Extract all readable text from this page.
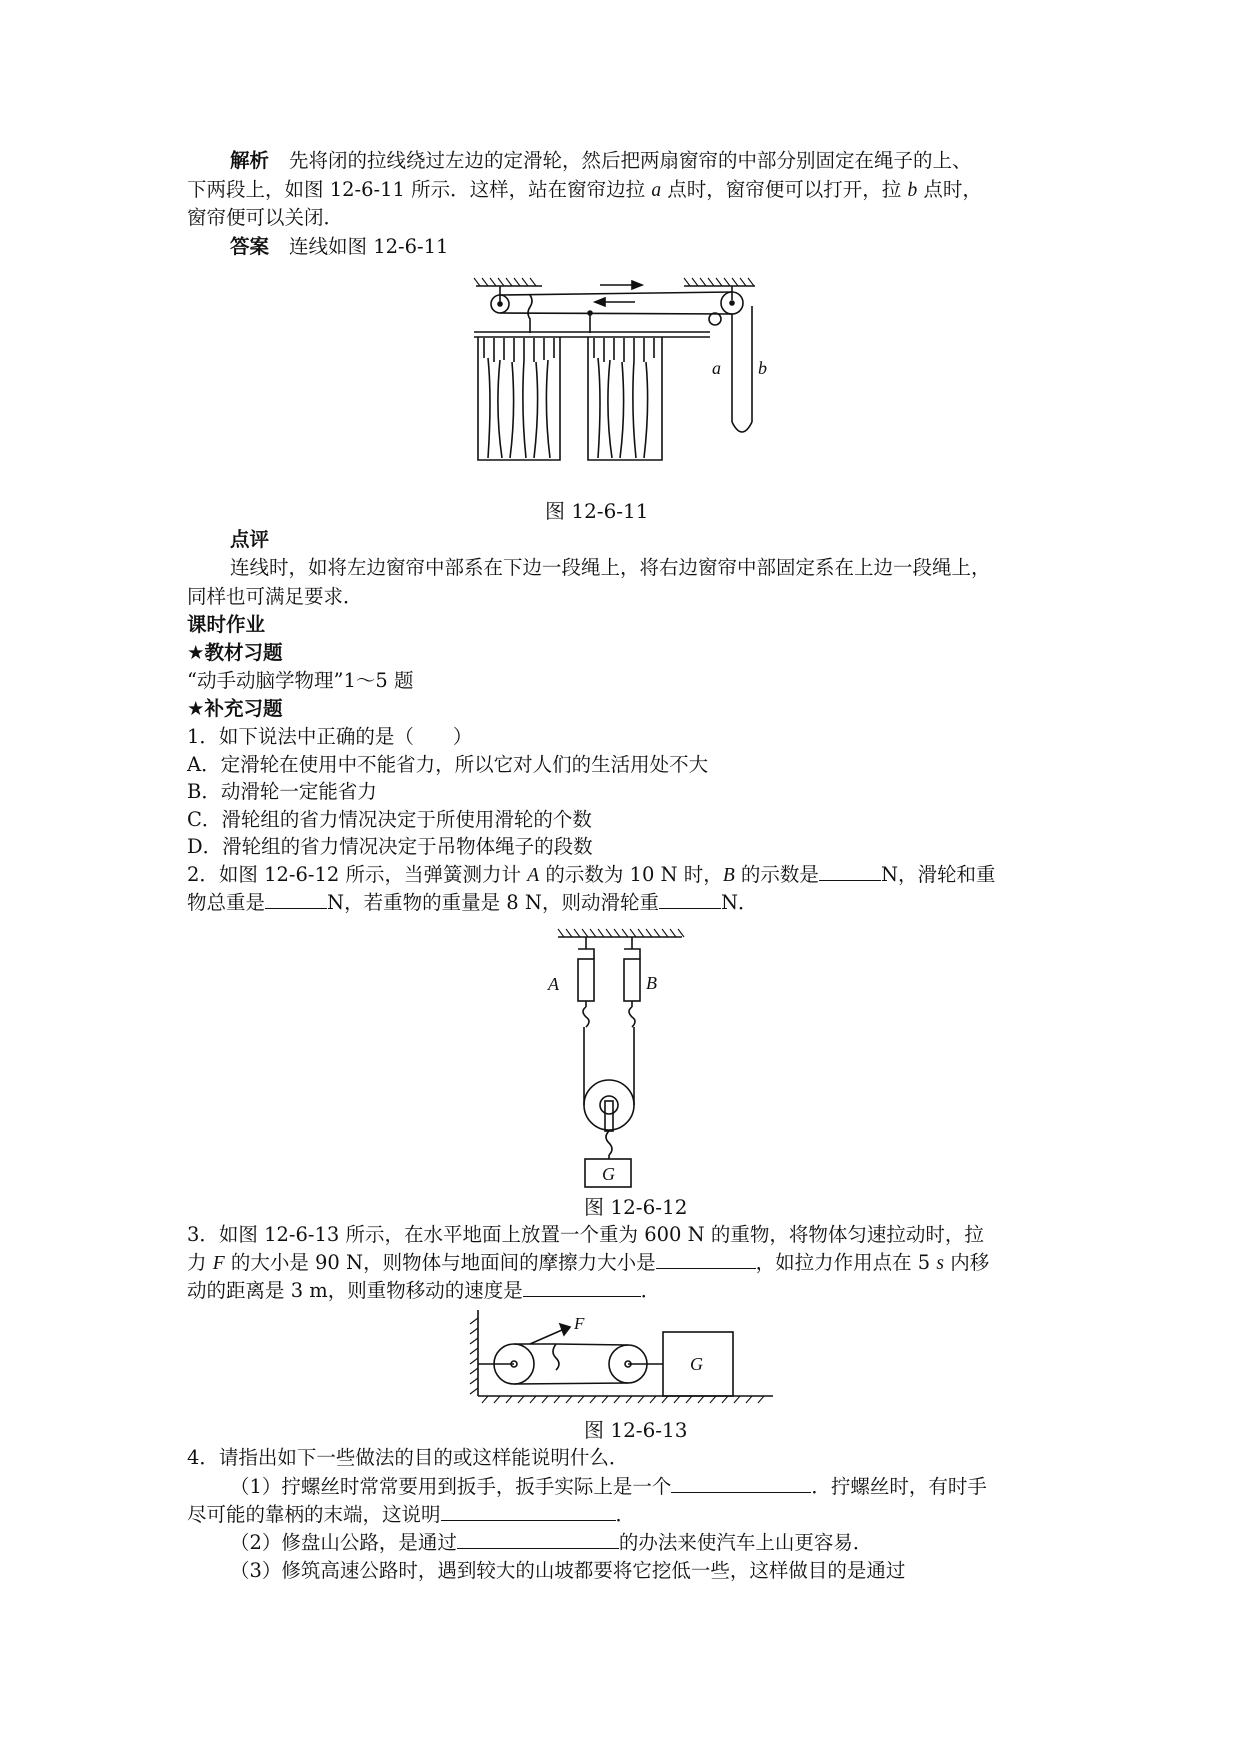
解析 先将闭的拉线绕过左边的定滑轮，然后把两扇窗帘的中部分别固定在绳子的上、
下两段上，如图 12-6-11 所示．这样，站在窗帘边拉 a 点时，窗帘便可以打开，拉 b 点时，
窗帘便可以关闭．
答案 连线如图 12-6-11
a b
图 12-6-11
点评
连线时，如将左边窗帘中部系在下边一段绳上，将右边窗帘中部固定系在上边一段绳上，
同样也可满足要求．
课时作业
★教材习题
“动手动脑学物理”1～5 题
★补充习题
1．如下说法中正确的是（　　）
A．定滑轮在使用中不能省力，所以它对人们的生活用处不大
B．动滑轮一定能省力
C．滑轮组的省力情况决定于所使用滑轮的个数
D．滑轮组的省力情况决定于吊物体绳子的段数
2．如图 12-6-12 所示，当弹簧测力计 A 的示数为 10 N 时，B 的示数是	N，滑轮和重
物总重是	N，若重物的重量是 8 N，则动滑轮重	N．
A	B
G
图 12-6-12
3．如图 12-6-13 所示，在水平地面上放置一个重为 600 N 的重物，将物体匀速拉动时，拉
力 F 的大小是 90 N，则物体与地面间的摩擦力大小是	，如拉力作用点在 5 s 内移
动的距离是 3 m，则重物移动的速度是	．
F
G
图 12-6-13
4．请指出如下一些做法的目的或这样能说明什么．
（1）拧螺丝时常常要用到扳手，扳手实际上是一个	．拧螺丝时，有时手
尽可能的靠柄的末端，这说明	．
（2）修盘山公路，是通过	的办法来使汽车上山更容易．
（3）修筑高速公路时，遇到较大的山坡都要将它挖低一些，这样做目的是通过
